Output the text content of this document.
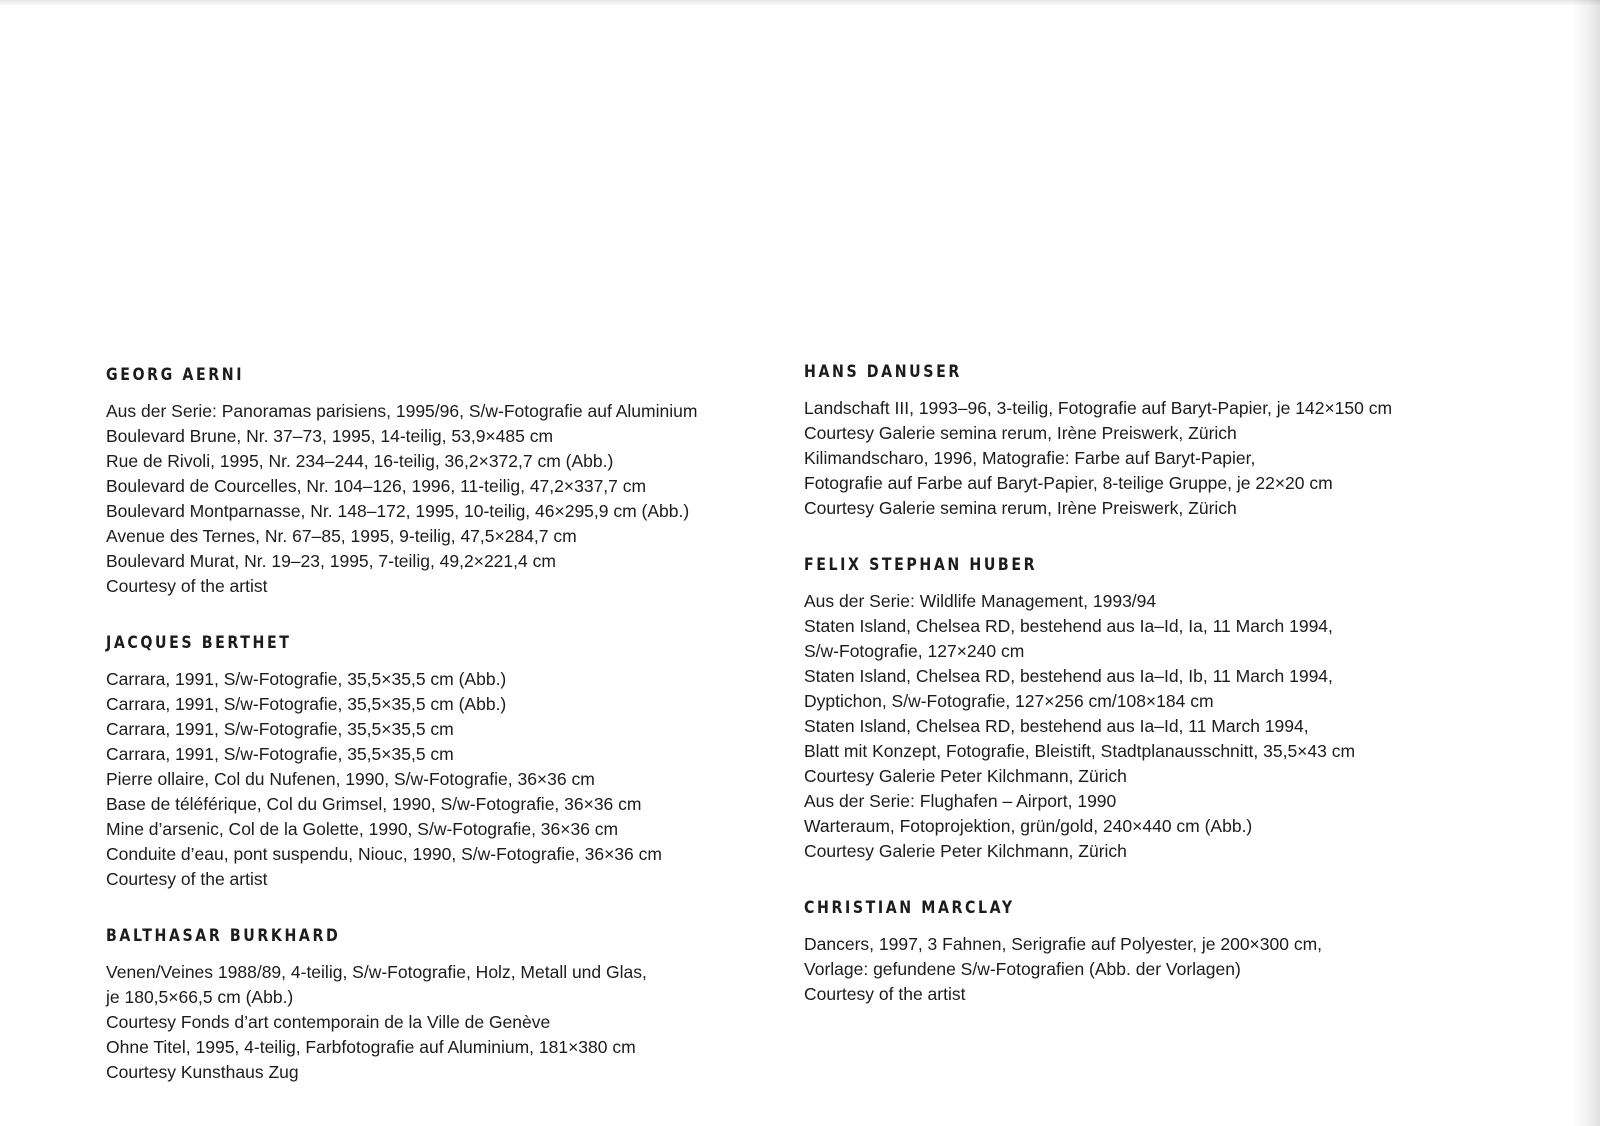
GEORG AERNI
Aus der Serie: Panoramas parisiens, 1995/96, S/w-Fotografie auf Aluminium
Boulevard Brune, Nr. 37–73, 1995, 14-teilig, 53,9×485 cm
Rue de Rivoli, 1995, Nr. 234–244, 16-teilig, 36,2×372,7 cm (Abb.)
Boulevard de Courcelles, Nr. 104–126, 1996, 11-teilig, 47,2×337,7 cm
Boulevard Montparnasse, Nr. 148–172, 1995, 10-teilig, 46×295,9 cm (Abb.)
Avenue des Ternes, Nr. 67–85, 1995, 9-teilig, 47,5×284,7 cm
Boulevard Murat, Nr. 19–23, 1995, 7-teilig, 49,2×221,4 cm
Courtesy of the artist
JACQUES BERTHET
Carrara, 1991, S/w-Fotografie, 35,5×35,5 cm (Abb.)
Carrara, 1991, S/w-Fotografie, 35,5×35,5 cm (Abb.)
Carrara, 1991, S/w-Fotografie, 35,5×35,5 cm
Carrara, 1991, S/w-Fotografie, 35,5×35,5 cm
Pierre ollaire, Col du Nufenen, 1990, S/w-Fotografie, 36×36 cm
Base de téléférique, Col du Grimsel, 1990, S/w-Fotografie, 36×36 cm
Mine d’arsenic, Col de la Golette, 1990, S/w-Fotografie, 36×36 cm
Conduite d’eau, pont suspendu, Niouc, 1990, S/w-Fotografie, 36×36 cm
Courtesy of the artist
BALTHASAR BURKHARD
Venen/Veines 1988/89, 4-teilig, S/w-Fotografie, Holz, Metall und Glas,
je 180,5×66,5 cm (Abb.)
Courtesy Fonds d’art contemporain de la Ville de Genève
Ohne Titel, 1995, 4-teilig, Farbfotografie auf Aluminium, 181×380 cm
Courtesy Kunsthaus Zug
HANS DANUSER
Landschaft III, 1993–96, 3-teilig, Fotografie auf Baryt-Papier, je 142×150 cm
Courtesy Galerie semina rerum, Irène Preiswerk, Zürich
Kilimandscharo, 1996, Matografie: Farbe auf Baryt-Papier,
Fotografie auf Farbe auf Baryt-Papier, 8-teilige Gruppe, je 22×20 cm
Courtesy Galerie semina rerum, Irène Preiswerk, Zürich
FELIX STEPHAN HUBER
Aus der Serie: Wildlife Management, 1993/94
Staten Island, Chelsea RD, bestehend aus Ia–Id, Ia, 11 March 1994,
S/w-Fotografie, 127×240 cm
Staten Island, Chelsea RD, bestehend aus Ia–Id, Ib, 11 March 1994,
Dyptichon, S/w-Fotografie, 127×256 cm/108×184 cm
Staten Island, Chelsea RD, bestehend aus Ia–Id, 11 March 1994,
Blatt mit Konzept, Fotografie, Bleistift, Stadtplanausschnitt, 35,5×43 cm
Courtesy Galerie Peter Kilchmann, Zürich
Aus der Serie: Flughafen – Airport, 1990
Warteraum, Fotoprojektion, grün/gold, 240×440 cm (Abb.)
Courtesy Galerie Peter Kilchmann, Zürich
CHRISTIAN MARCLAY
Dancers, 1997, 3 Fahnen, Serigrafie auf Polyester, je 200×300 cm,
Vorlage: gefundene S/w-Fotografien (Abb. der Vorlagen)
Courtesy of the artist
